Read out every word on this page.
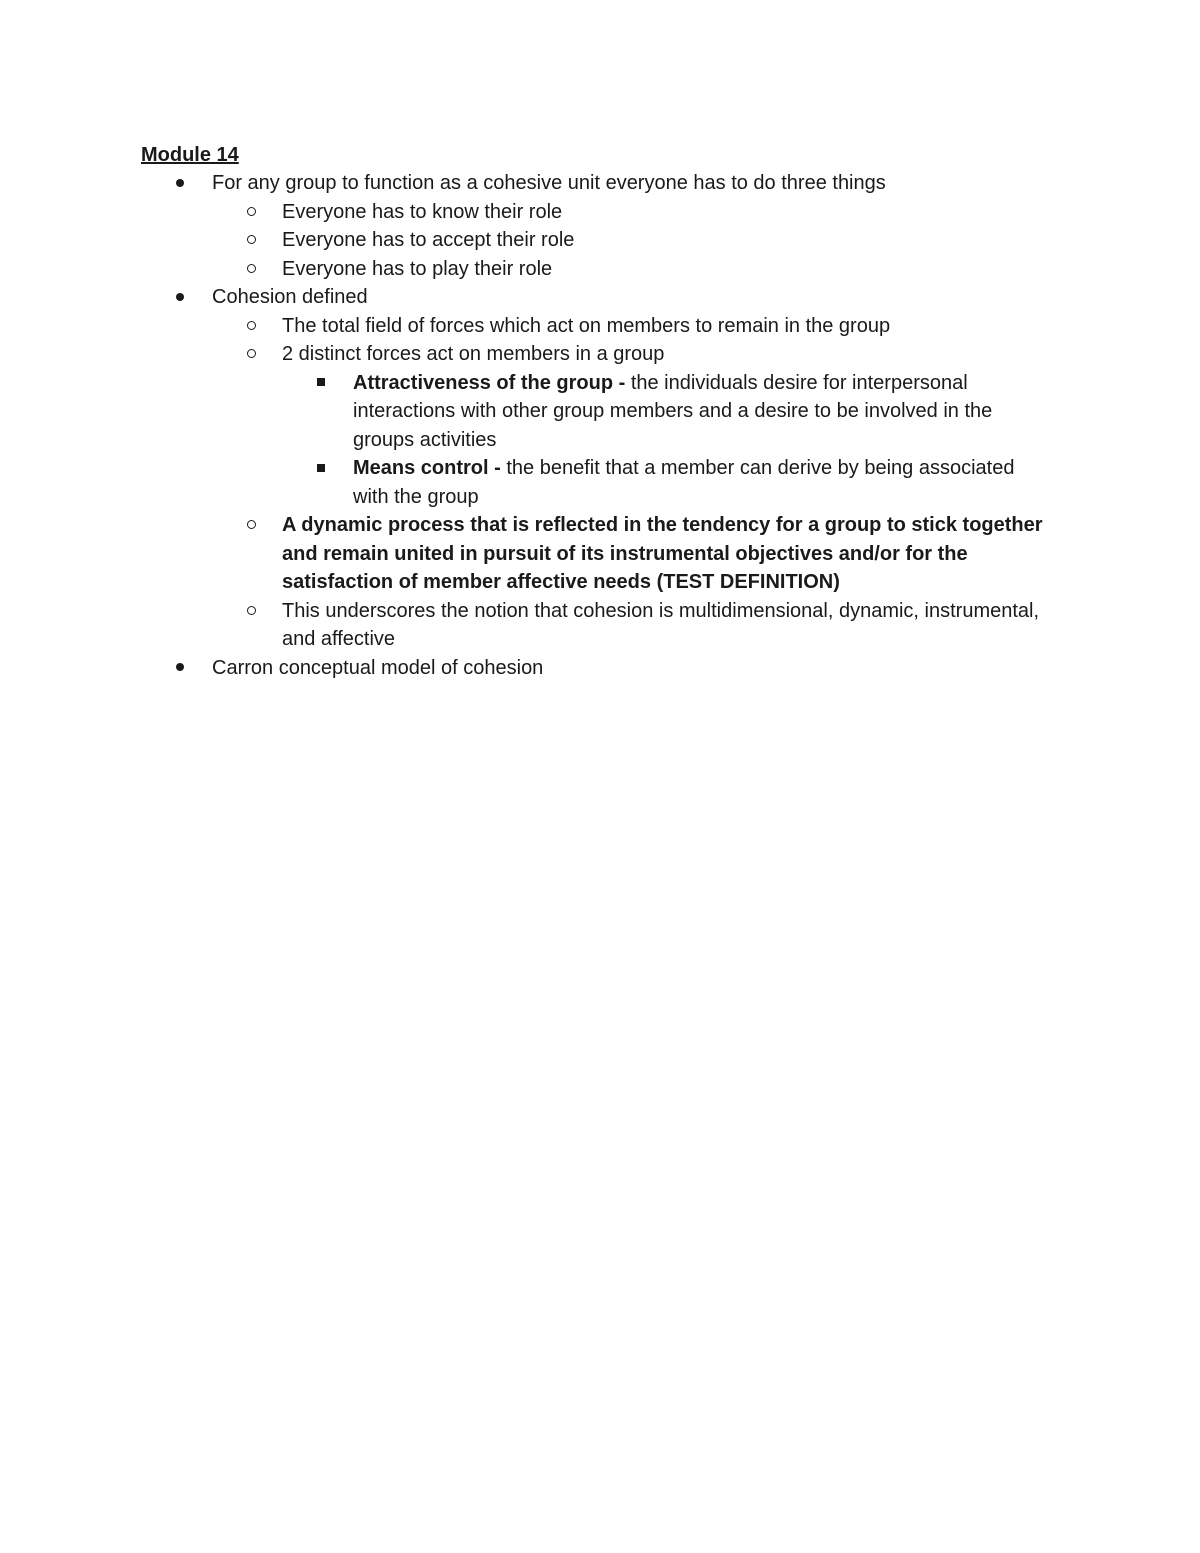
Module 14
For any group to function as a cohesive unit everyone has to do three things
Everyone has to know their role
Everyone has to accept their role
Everyone has to play their role
Cohesion defined
The total field of forces which act on members to remain in the group
2 distinct forces act on members in a group
Attractiveness of the group - the individuals desire for interpersonal interactions with other group members and a desire to be involved in the groups activities
Means control - the benefit that a member can derive by being associated with the group
A dynamic process that is reflected in the tendency for a group to stick together and remain united in pursuit of its instrumental objectives and/or for the satisfaction of member affective needs (TEST DEFINITION)
This underscores the notion that cohesion is multidimensional, dynamic, instrumental, and affective
Carron conceptual model of cohesion
